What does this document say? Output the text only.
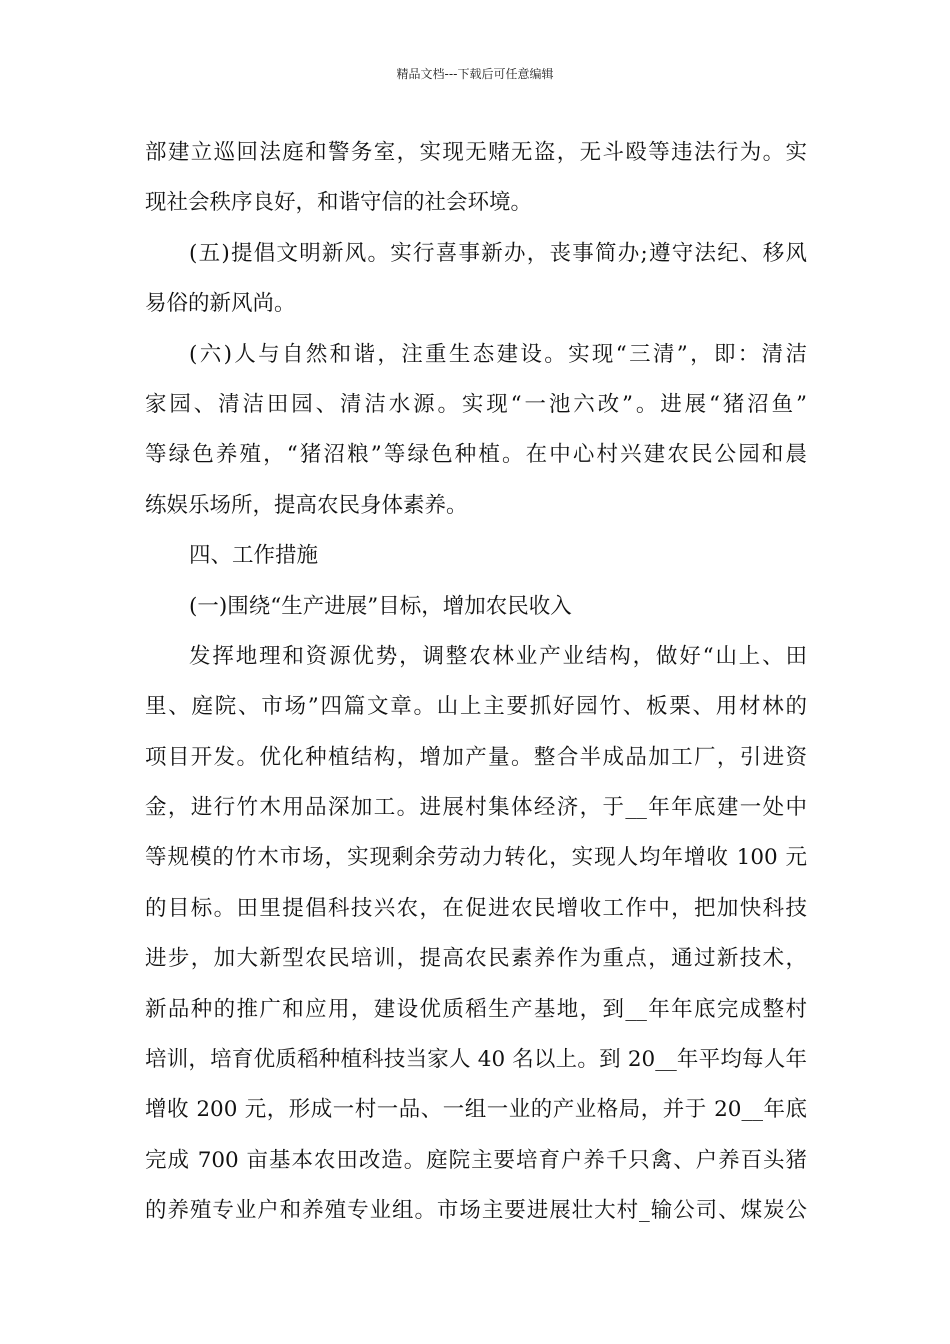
精品文档---下载后可任意编辑
部建立巡回法庭和警务室，实现无赌无盗，无斗殴等违法行为。实
现社会秩序良好，和谐守信的社会环境。
(五)提倡文明新风。实行喜事新办，丧事简办;遵守法纪、移风
易俗的新风尚。
(六)人与自然和谐，注重生态建设。实现“三清”，即：清洁
家园、清洁田园、清洁水源。实现“一池六改”。进展“猪沼鱼”
等绿色养殖，“猪沼粮”等绿色种植。在中心村兴建农民公园和晨
练娱乐场所，提高农民身体素养。
四、工作措施
(一)围绕“生产进展”目标，增加农民收入
发挥地理和资源优势，调整农林业产业结构，做好“山上、田
里、庭院、市场”四篇文章。山上主要抓好园竹、板栗、用材林的
项目开发。优化种植结构，增加产量。整合半成品加工厂，引进资
金，进行竹木用品深加工。进展村集体经济，于__年年底建一处中
等规模的竹木市场，实现剩余劳动力转化，实现人均年增收 100 元
的目标。田里提倡科技兴农，在促进农民增收工作中，把加快科技
进步，加大新型农民培训，提高农民素养作为重点，通过新技术，
新品种的推广和应用，建设优质稻生产基地，到__年年底完成整村
培训，培育优质稻种植科技当家人 40 名以上。到 20__年平均每人年
增收 200 元，形成一村一品、一组一业的产业格局，并于 20__年底
完成 700 亩基本农田改造。庭院主要培育户养千只禽、户养百头猪
的养殖专业户和养殖专业组。市场主要进展壮大村_输公司、煤炭公
